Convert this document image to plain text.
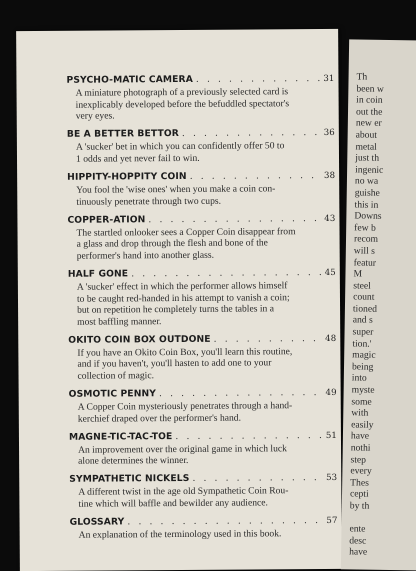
PSYCHO-MATIC CAMERA . . .	31
A miniature photograph of a previously selected card is
inexplicably developed before the befuddled spectator's
very eyes.
BE A BETTER BETTOR . . .	36
A 'sucker' bet in which you can confidently offer 50 to
1 odds and yet never fail to win.
HIPPITY-HOPPITY COIN . . .	38
You fool the 'wise ones' when you make a coin con-
tinuously penetrate through two cups.
COPPER-ATION . . .	43
The startled onlooker sees a Copper Coin disappear from
a glass and drop through the flesh and bone of the
performer's hand into another glass.
HALF GONE . . .	45
A 'sucker' effect in which the performer allows himself
to be caught red-handed in his attempt to vanish a coin;
but on repetition he completely turns the tables in a
most baffling manner.
OKITO COIN BOX OUTDONE . . .	48
If you have an Okito Coin Box, you'll learn this routine,
and if you haven't, you'll hasten to add one to your
collection of magic.
OSMOTIC PENNY . . .	49
A Copper Coin mysteriously penetrates through a hand-
kerchief draped over the performer's hand.
MAGNE-TIC-TAC-TOE . . .	51
An improvement over the original game in which luck
alone determines the winner.
SYMPATHETIC NICKELS . . .	53
A different twist in the age old Sympathetic Coin Rou-
tine which will baffle and bewilder any audience.
GLOSSARY . . .	57
An explanation of the terminology used in this book.
Th
been w
in coin
out the
new er
about
metal
just th
ingenic
no wa
guishe
this in
Downs
few b
recom
will s
featur
M
steel
count
tioned
and s
super
tion.'
magic
being
into
myste
some
with
easily
have
nothi
step
every
Thes
cepti
by th
ente
desc
have
